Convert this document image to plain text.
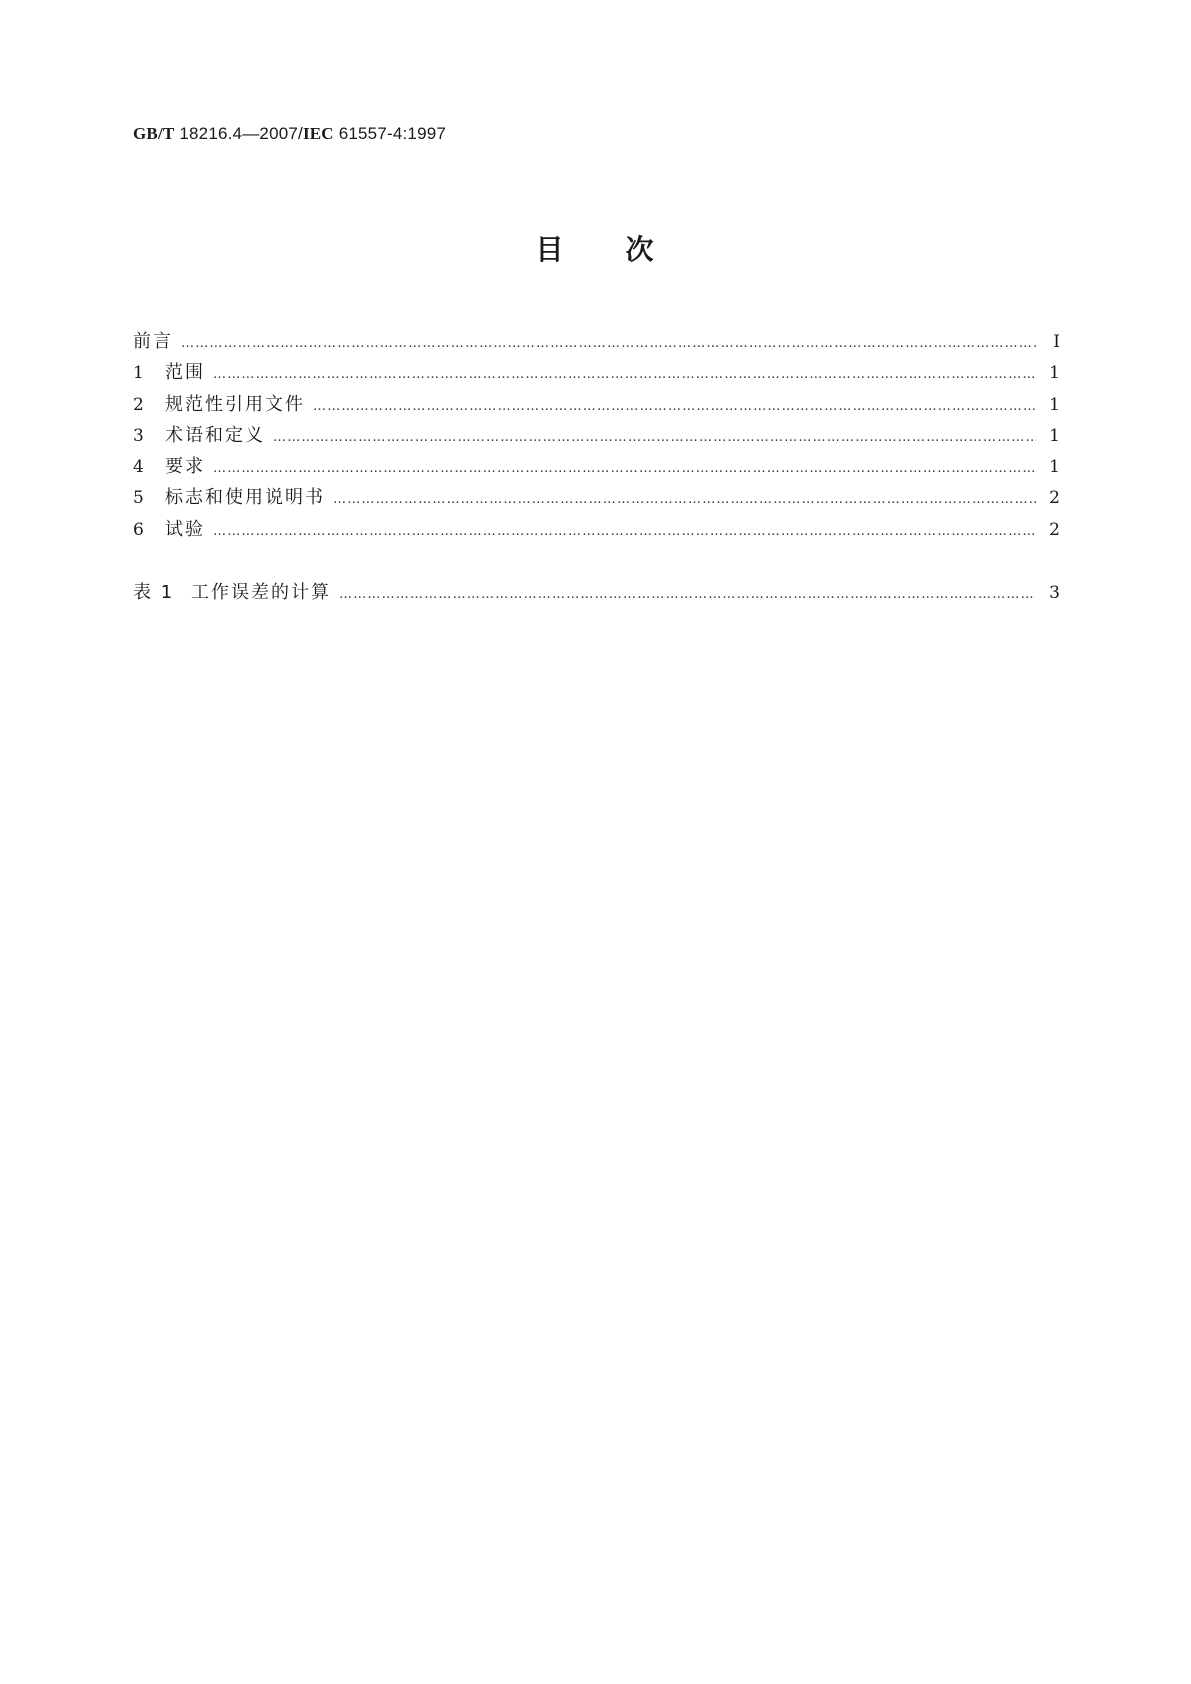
GB/T 18216.4—2007/IEC 61557-4:1997
目 次
前言 …………………………………………………………………………………………………………………………………………………………………………………………	Ⅰ
1	范围 …………………………………………………………………………………………………………………………………………………………………………………………	1
2	规范性引用文件 …………………………………………………………………………………………………………………………………………………………………………………………	1
3	术语和定义 …………………………………………………………………………………………………………………………………………………………………………………………	1
4	要求 …………………………………………………………………………………………………………………………………………………………………………………………	1
5	标志和使用说明书 …………………………………………………………………………………………………………………………………………………………………………………………	2
6	试验 …………………………………………………………………………………………………………………………………………………………………………………………	2
表 1 工作误差的计算 …………………………………………………………………………………………………………………………………………………………………………………………	3
